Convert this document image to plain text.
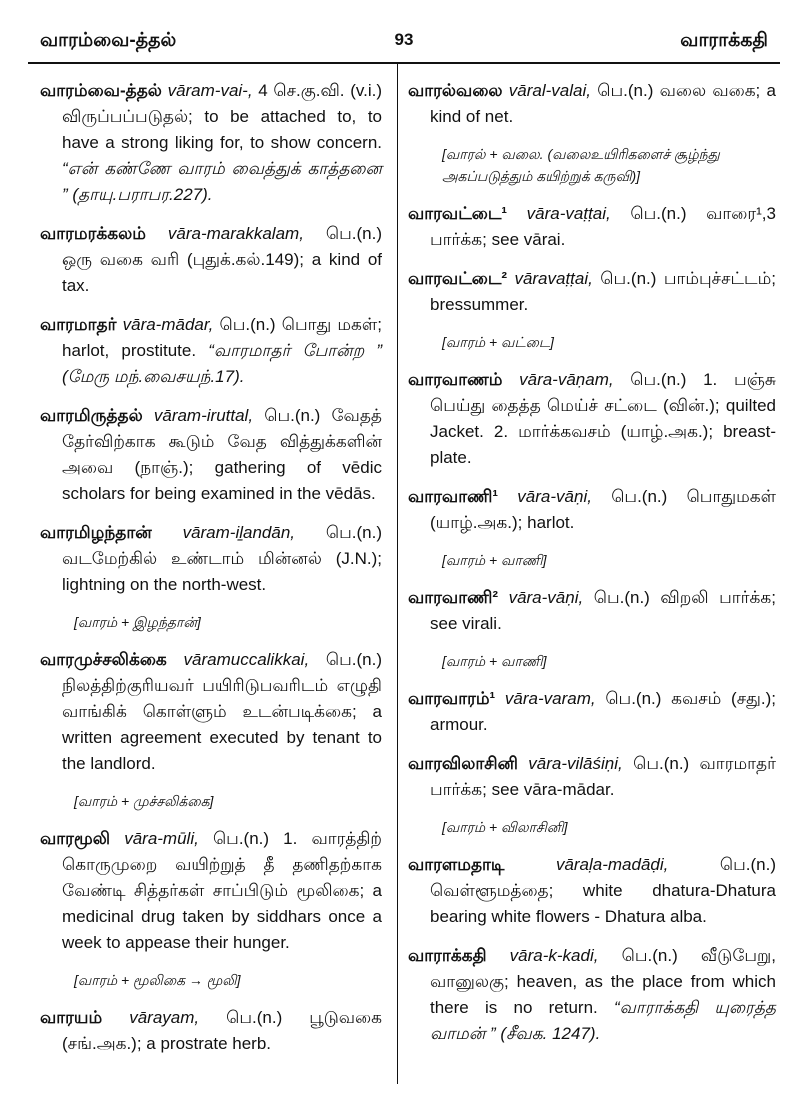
வாரம்வை-த்தல்	93	வாராக்கதி
வாரம்வை-த்தல் vāram-vai-, 4 செ.கு.வி. (v.i.) விருப்பப்படுதல்; to be attached to, to have a strong liking for, to show concern. “என் கண்ணே வாரம் வைத்துக் காத்தனை ” (தாயு.பராபர.227).
வாரமரக்கலம் vāra-marakkalam, பெ.(n.) ஒரு வகை வரி (புதுக்.கல்.149); a kind of tax.
வாரமாதர் vāra-mādar, பெ.(n.) பொது மகள்; harlot, prostitute. “வாரமாதர் போன்ற ” (மேரு மந்.வைசயந்.17).
வாரமிருத்தல் vāram-iruttal, பெ.(n.) வேதத் தேர்விற்காக கூடும் வேத வித்துக்களின் அவை (நாஞ்.); gathering of vēdic scholars for being examined in the vēdās.
வாரமிழந்தான் vāram-iḻandān, பெ.(n.) வடமேற்கில் உண்டாம் மின்னல் (J.N.); lightning on the north-west.
[வாரம் + இழந்தான்]
வாரமுச்சலிக்கை vāramuccalikkai, பெ.(n.) நிலத்திற்குரியவர் பயிரிடுபவரிடம் எழுதி வாங்கிக் கொள்ளும் உடன்படிக்கை; a written agreement executed by tenant to the landlord.
[வாரம் + முச்சலிக்கை]
வாரமூலி vāra-mūli, பெ.(n.) 1. வாரத்திற் கொருமுறை வயிற்றுத் தீ தணிதற்காக வேண்டி சித்தர்கள் சாப்பிடும் மூலிகை; a medicinal drug taken by siddhars once a week to appease their hunger.
[வாரம் + மூலிகை → மூலி]
வாரயம் vārayam, பெ.(n.) பூடுவகை (சங்.அக.); a prostrate herb.
வாரல்வலை vāral-valai, பெ.(n.) வலை வகை; a kind of net.
[வாரல் + வலை. (வலைஉயிரிகளைச் சூழ்ந்து அகப்படுத்தும் கயிற்றுக் கருவி)]
வாரவட்டை¹ vāra-vaṭṭai, பெ.(n.) வாரை¹,3 பார்க்க; see vārai.
வாரவட்டை² vāravaṭṭai, பெ.(n.) பாம்புச்சட்டம்; bressummer.
[வாரம் + வட்டை]
வாரவாணம் vāra-vāṇam, பெ.(n.) 1. பஞ்சு பெய்து தைத்த மெய்ச் சட்டை (வின்.); quilted Jacket. 2. மார்க்கவசம் (யாழ்.அக.); breast-plate.
வாரவாணி¹ vāra-vāṇi, பெ.(n.) பொதுமகள் (யாழ்.அக.); harlot.
[வாரம் + வாணி]
வாரவாணி² vāra-vāṇi, பெ.(n.) விறலி பார்க்க; see virali.
[வாரம் + வாணி]
வாரவாரம்¹ vāra-varam, பெ.(n.) கவசம் (சது.); armour.
வாரவிலாசினி vāra-vilāśiṇi, பெ.(n.) வாரமாதர் பார்க்க; see vāra-mādar.
[வாரம் + விலாசினி]
வாரளமதாடி	vāraḷa-madāḍi,	பெ.(n.) வெள்ளூமத்தை; white dhatura-Dhatura bearing white flowers - Dhatura alba.
வாராக்கதி vāra-k-kadi, பெ.(n.) வீடுபேறு, வானுலகு; heaven, as the place from which there is no return. “வாராக்கதி யுரைத்த வாமன் ” (சீவக. 1247).
